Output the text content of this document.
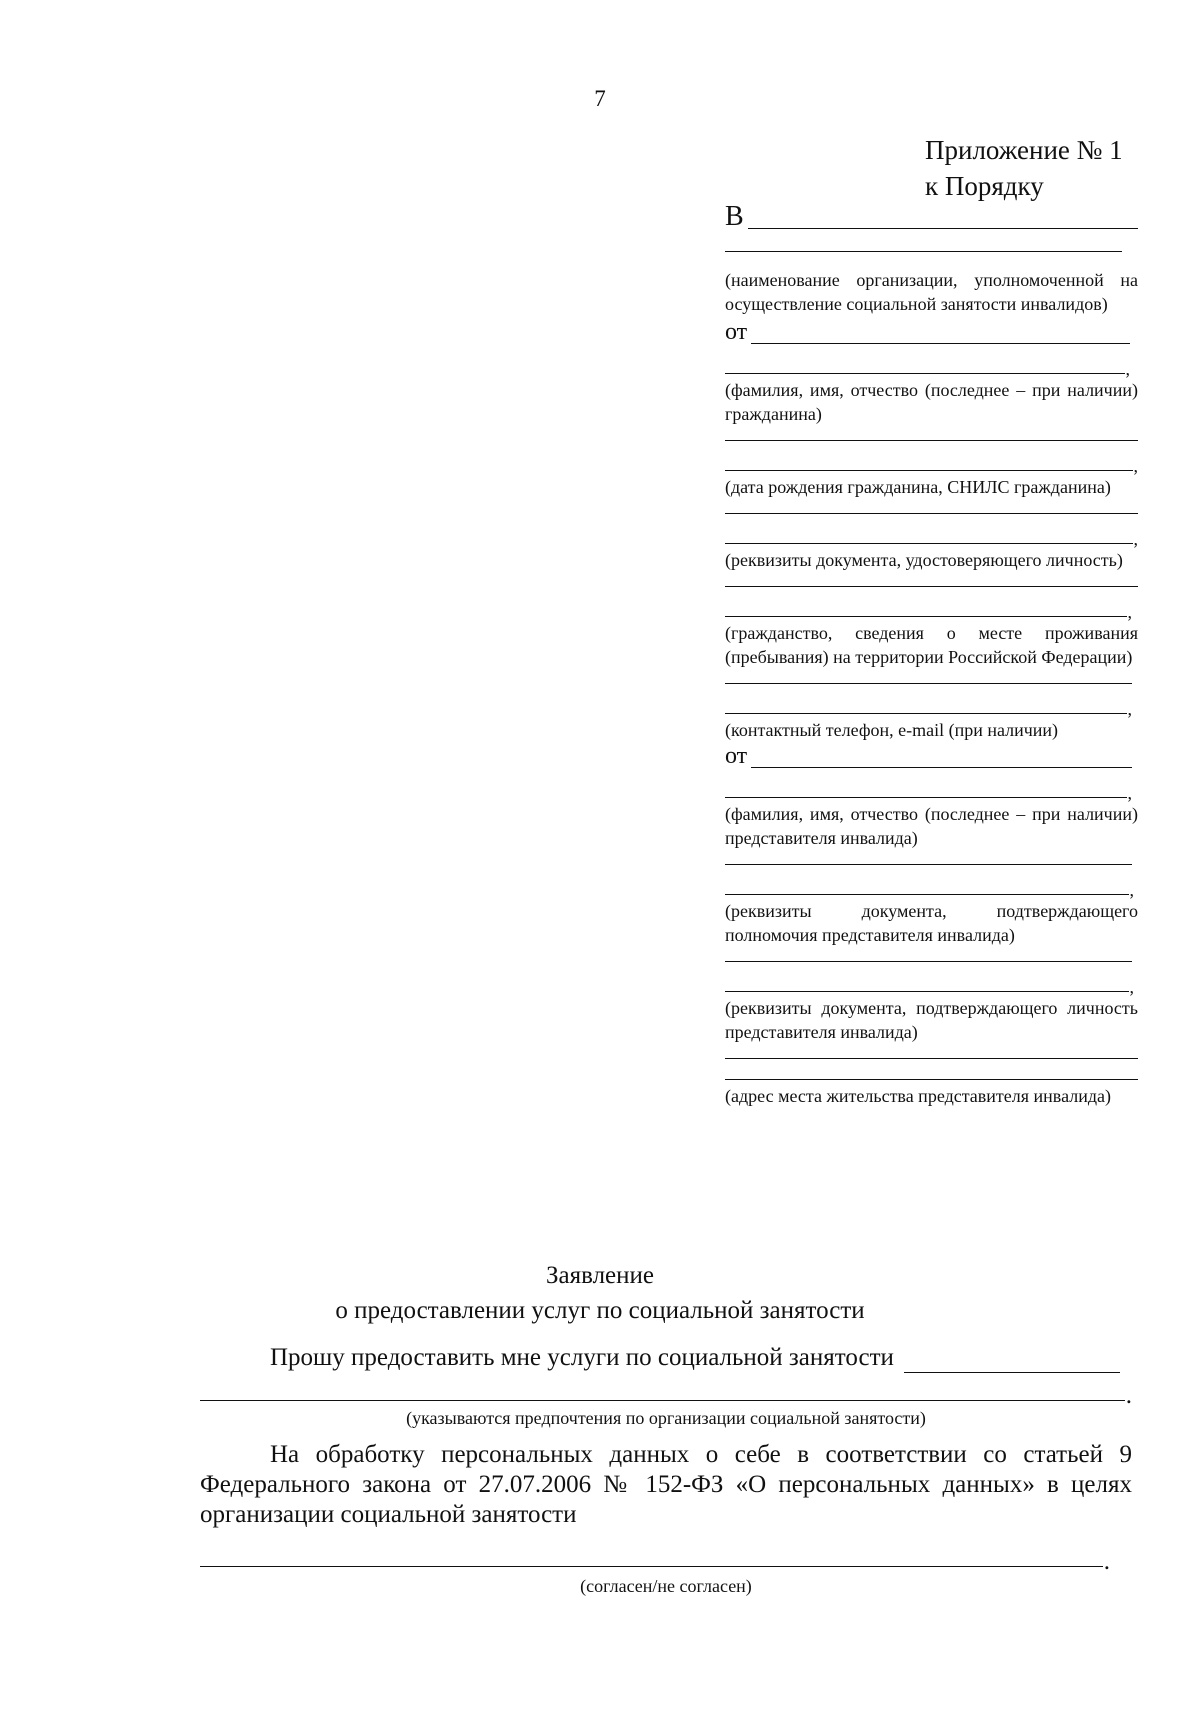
7
Приложение № 1
к Порядку
В

(наименование организации, уполномоченной на осуществление социальной занятости инвалидов)

от
,

(фамилия, имя, отчество (последнее – при наличии) гражданина)

,

(дата рождения гражданина, СНИЛС гражданина)

,

(реквизиты документа, удостоверяющего личность)

,

(гражданство, сведения о месте проживания (пребывания) на территории Российской Федерации)

,

(контактный телефон, e-mail (при наличии)

от
,

(фамилия, имя, отчество (последнее – при наличии) представителя инвалида)

,

(реквизиты документа, подтверждающего полномочия представителя инвалида)

,

(реквизиты документа, подтверждающего личность представителя инвалида)

(адрес места жительства представителя инвалида)

Заявление
о предоставлении услуг по социальной занятости
Прошу предоставить мне услуги по социальной занятости
.
(указываются предпочтения по организации социальной занятости)
На обработку персональных данных о себе в соответствии со статьей 9 Федерального закона от 27.07.2006 № 152-ФЗ «О персональных данных» в целях организации социальной занятости
.
(согласен/не согласен)
